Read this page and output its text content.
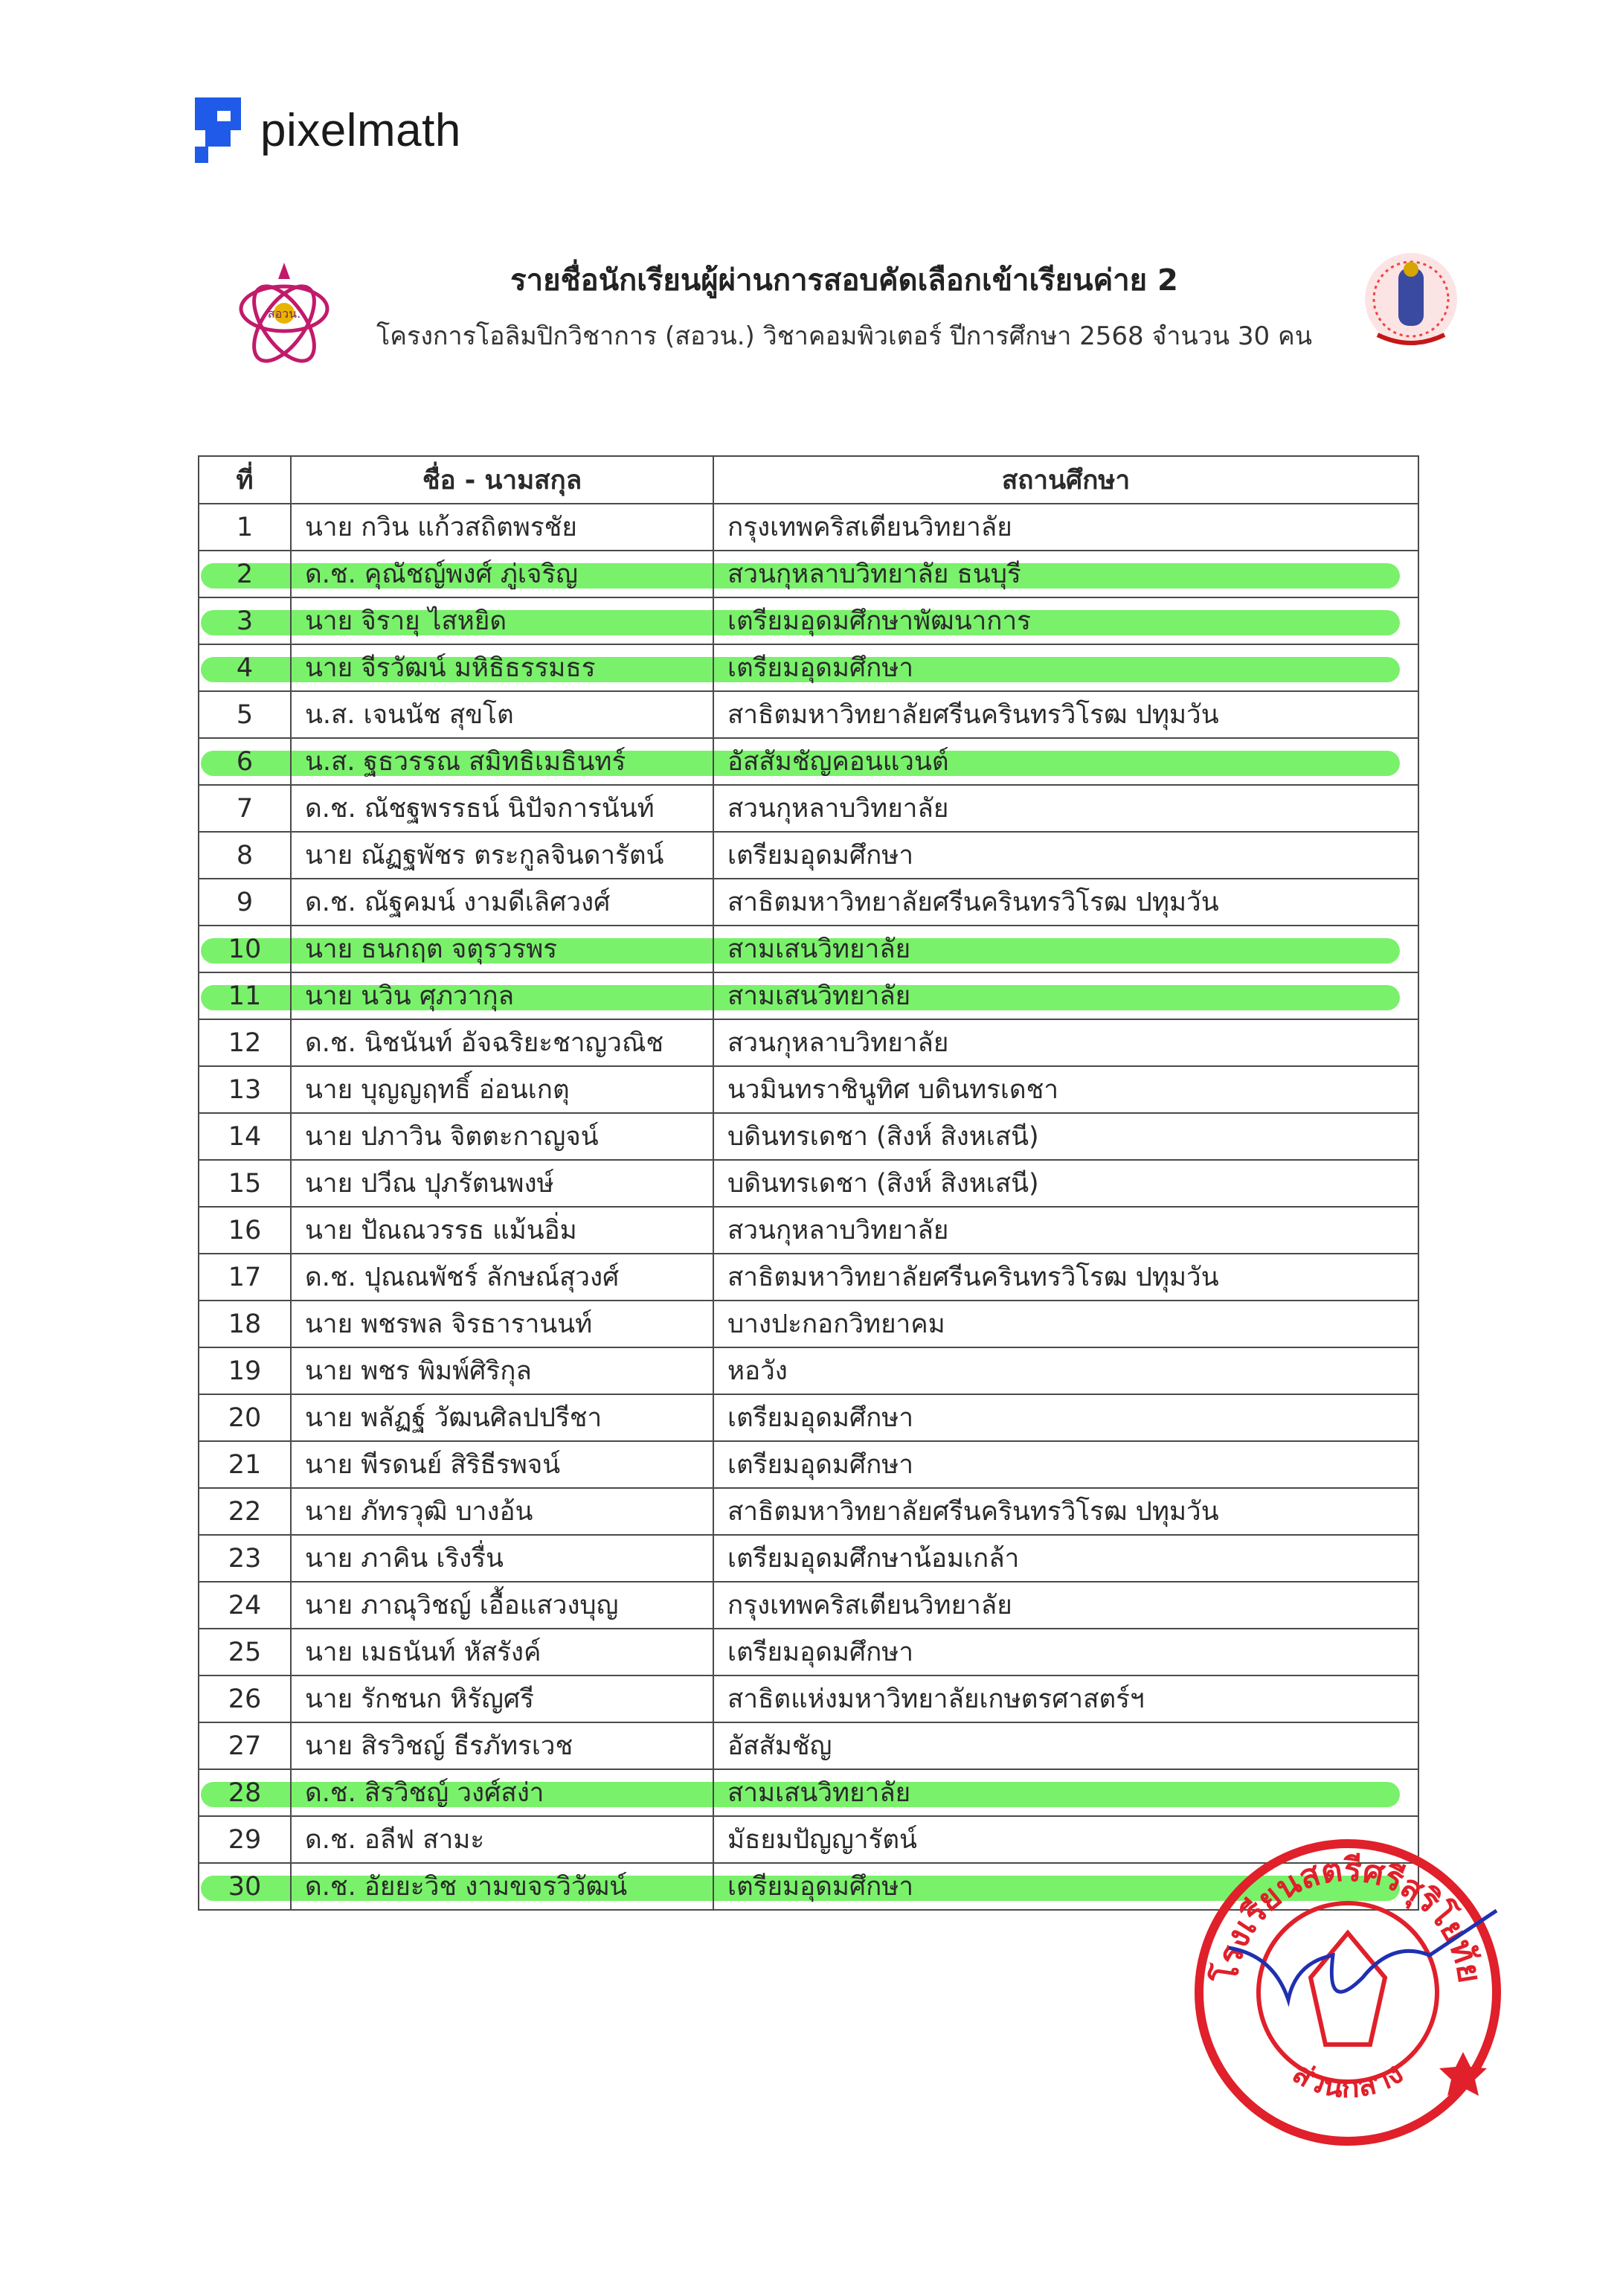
pixelmath
สอวน.
รายชื่อนักเรียนผู้ผ่านการสอบคัดเลือกเข้าเรียนค่าย 2
โครงการโอลิมปิกวิชาการ (สอวน.) วิชาคอมพิวเตอร์ ปีการศึกษา 2568 จำนวน 30 คน
ที่	ชื่อ - นามสกุล	สถานศึกษา
1	นาย กวิน แก้วสถิตพรชัย	กรุงเทพคริสเตียนวิทยาลัย
2	ด.ช. คุณัชญ์พงศ์ ภู่เจริญ	สวนกุหลาบวิทยาลัย ธนบุรี
3	นาย จิรายุ ไสหยิด	เตรียมอุดมศึกษาพัฒนาการ
4	นาย จีรวัฒน์ มหิธิธรรมธร	เตรียมอุดมศึกษา
5	น.ส. เจนนัช สุขโต	สาธิตมหาวิทยาลัยศรีนครินทรวิโรฒ ปทุมวัน
6	น.ส. ฐธวรรณ สมิทธิเมธินทร์	อัสสัมชัญคอนแวนต์
7	ด.ช. ณัชฐพรรธน์ นิปัจการนันท์	สวนกุหลาบวิทยาลัย
8	นาย ณัฏฐพัชร ตระกูลจินดารัตน์	เตรียมอุดมศึกษา
9	ด.ช. ณัฐคมน์ งามดีเลิศวงศ์	สาธิตมหาวิทยาลัยศรีนครินทรวิโรฒ ปทุมวัน
10	นาย ธนกฤต จตุรวรพร	สามเสนวิทยาลัย
11	นาย นวิน ศุภวากุล	สามเสนวิทยาลัย
12	ด.ช. นิชนันท์ อัจฉริยะชาญวณิช	สวนกุหลาบวิทยาลัย
13	นาย บุญญฤทธิ์ อ่อนเกตุ	นวมินทราชินูทิศ บดินทรเดชา
14	นาย ปภาวิน จิตตะกาญจน์	บดินทรเดชา (สิงห์ สิงหเสนี)
15	นาย ปวีณ ปุภรัตนพงษ์	บดินทรเดชา (สิงห์ สิงหเสนี)
16	นาย ปัณณวรรธ แม้นอิ่ม	สวนกุหลาบวิทยาลัย
17	ด.ช. ปุณณพัชร์ ลักษณ์สุวงศ์	สาธิตมหาวิทยาลัยศรีนครินทรวิโรฒ ปทุมวัน
18	นาย พชรพล จิรธารานนท์	บางปะกอกวิทยาคม
19	นาย พชร พิมพ์ศิริกุล	หอวัง
20	นาย พลัฏฐ์ วัฒนศิลปปรีชา	เตรียมอุดมศึกษา
21	นาย พีรดนย์ สิริธีรพจน์	เตรียมอุดมศึกษา
22	นาย ภัทรวุฒิ บางอ้น	สาธิตมหาวิทยาลัยศรีนครินทรวิโรฒ ปทุมวัน
23	นาย ภาคิน เริงรื่น	เตรียมอุดมศึกษาน้อมเกล้า
24	นาย ภาณุวิชญ์ เอื้อแสวงบุญ	กรุงเทพคริสเตียนวิทยาลัย
25	นาย เมธนันท์ หัสรังค์	เตรียมอุดมศึกษา
26	นาย รักชนก หิรัญศรี	สาธิตแห่งมหาวิทยาลัยเกษตรศาสตร์ฯ
27	นาย สิรวิชญ์ ธีรภัทรเวช	อัสสัมชัญ
28	ด.ช. สิรวิชญ์ วงศ์สง่า	สามเสนวิทยาลัย
29	ด.ช. อลีฟ สามะ	มัธยมปัญญารัตน์
30	ด.ช. อัยยะวิช งามขจรวิวัฒน์	เตรียมอุดมศึกษา
โรงเรียนสตรีศรีสุริโยทัย
ส่วนกลาง
